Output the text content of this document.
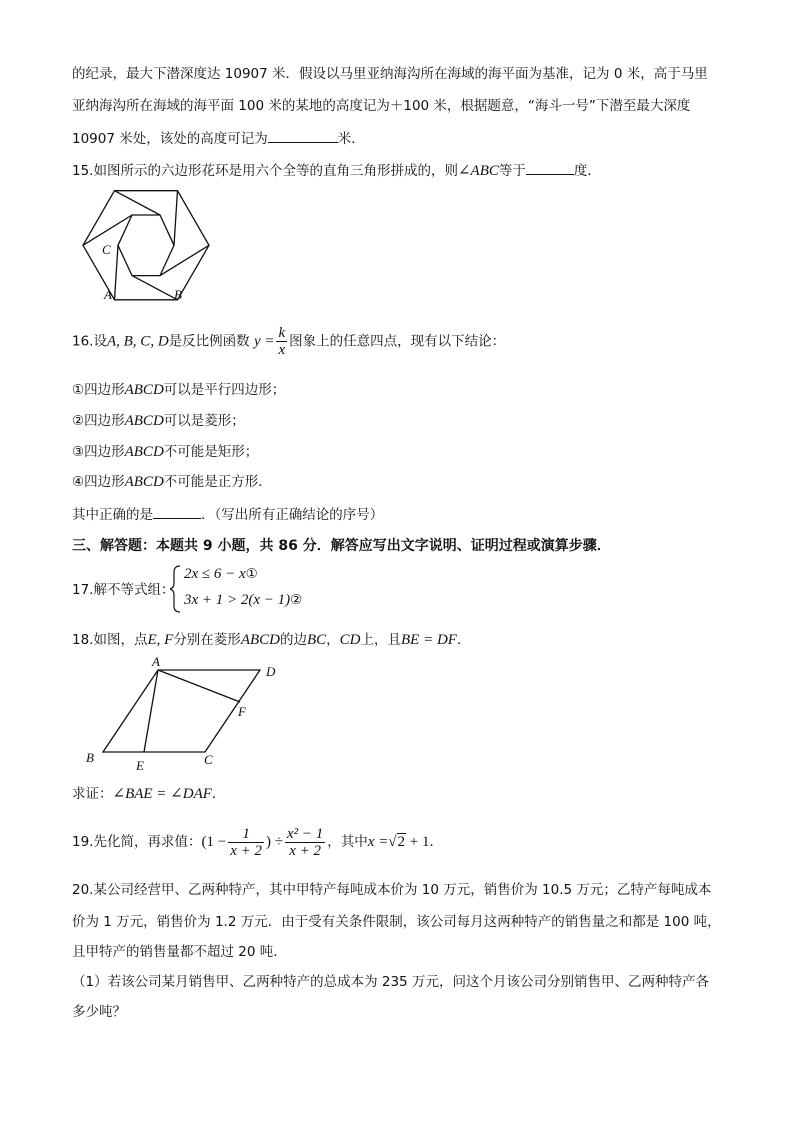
的纪录，最大下潜深度达 10907 米．假设以马里亚纳海沟所在海域的海平面为基准，记为 0 米，高于马里
亚纳海沟所在海域的海平面 100 米的某地的高度记为＋100 米，根据题意，“海斗一号”下潜至最大深度
10907 米处，该处的高度可记为	米．
15.如图所示的六边形花环是用六个全等的直角三角形拼成的，则∠ABC等于	度．
C
A	B
16.设A, B, C, D是反比例函数 $y = \frac{k}{x}$ 图象上的任意四点，现有以下结论：
①四边形ABCD可以是平行四边形；
②四边形ABCD可以是菱形；
③四边形ABCD不可能是矩形；
④四边形ABCD不可能是正方形．
其中正确的是	．（写出所有正确结论的序号）
三、解答题：本题共 9 小题，共 86 分．解答应写出文字说明、证明过程或演算步骤．
17.解不等式组：
2x ≤ 6 − x①
3x + 1 > 2(x − 1)②
18.如图，点E, F分别在菱形ABCD的边BC，CD上，且BE = DF．
A
D
F
B
E	C
求证：∠BAE = ∠DAF．
19.先化简，再求值：($1 - \frac{1}{x + 2}$ ) ÷ $\frac{\text{x² − 1}}{x + 2}$ ，其中x =√2 + 1．
20.某公司经营甲、乙两种特产，其中甲特产每吨成本价为 10 万元，销售价为 10.5 万元；乙特产每吨成本
价为 1 万元，销售价为 1.2 万元．由于受有关条件限制，该公司每月这两种特产的销售量之和都是 100 吨，
且甲特产的销售量都不超过 20 吨．
（1）若该公司某月销售甲、乙两种特产的总成本为 235 万元，问这个月该公司分别销售甲、乙两种特产各
多少吨？
